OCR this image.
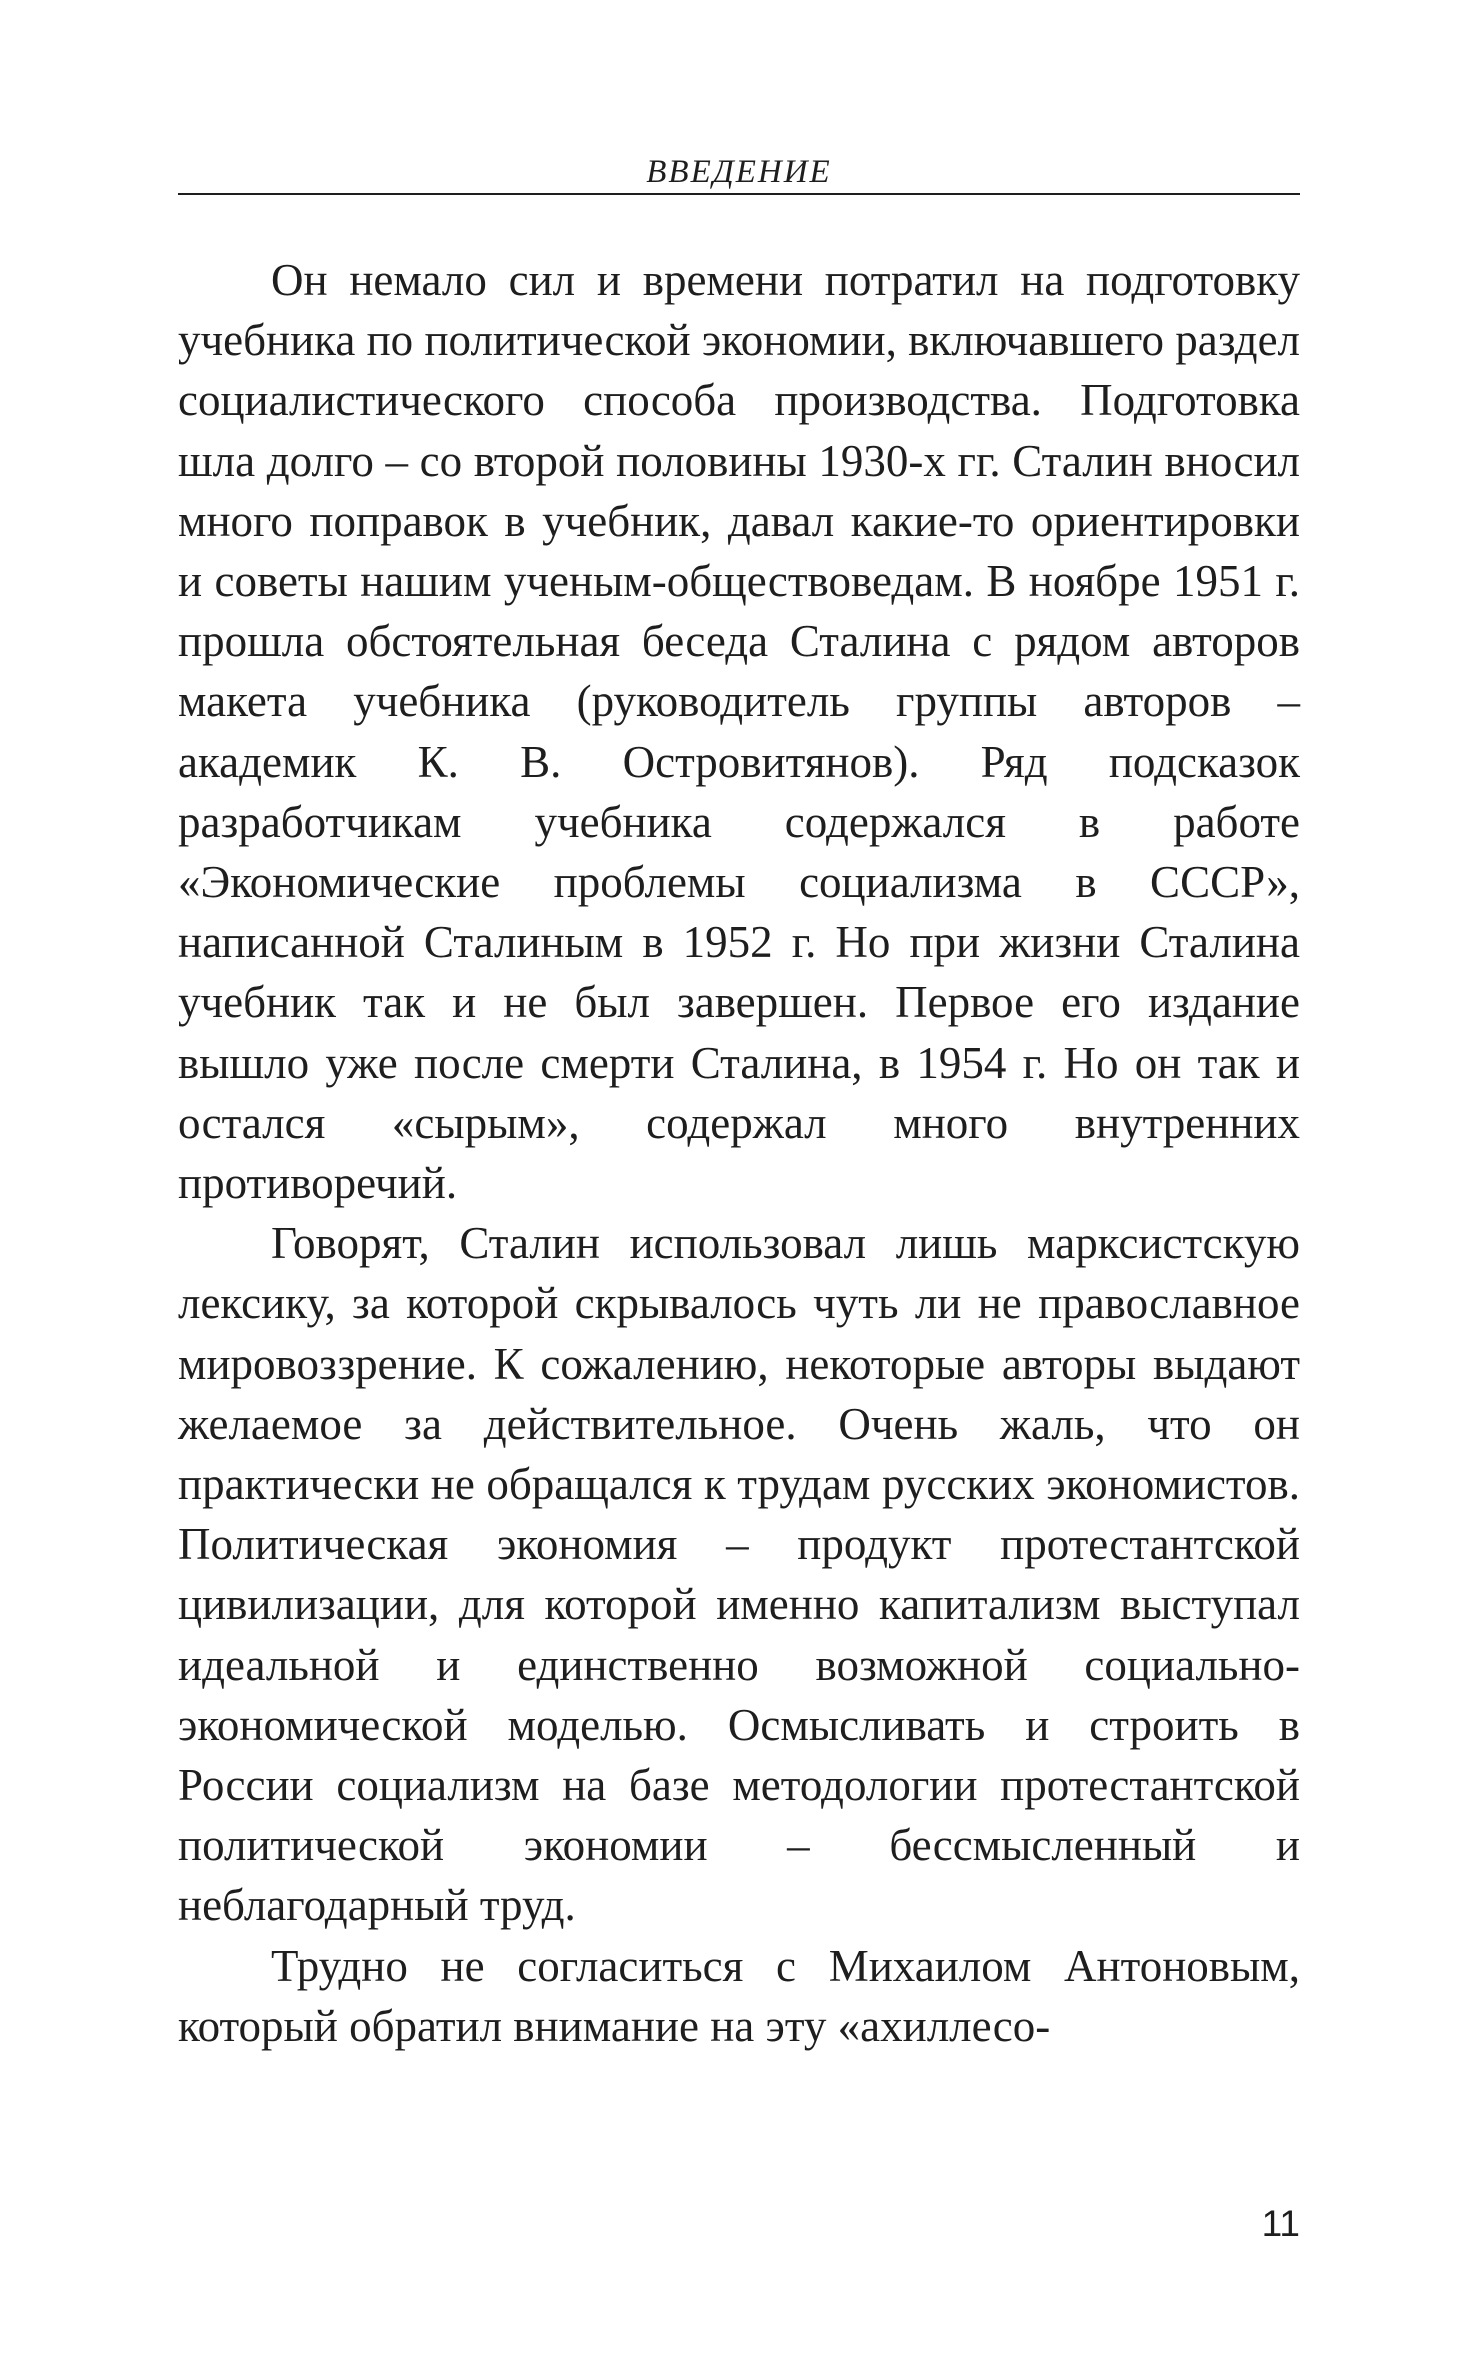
ВВЕДЕНИЕ

Он немало сил и времени потратил на подготовку учебника по политической экономии, включавшего раздел социалистического способа производства. Подготовка шла долго – со второй половины 1930-х гг. Сталин вносил много поправок в учебник, давал какие-то ориентировки и советы нашим ученым-обществоведам. В ноябре 1951 г. прошла обстоятельная беседа Сталина с рядом авторов макета учебника (руководитель группы авторов – академик К. В. Островитянов). Ряд подсказок разработчикам учебника содержался в работе «Экономические проблемы социализма в СССР», написанной Сталиным в 1952 г. Но при жизни Сталина учебник так и не был завершен. Первое его издание вышло уже после смерти Сталина, в 1954 г. Но он так и остался «сырым», содержал много внутренних противоречий.

Говорят, Сталин использовал лишь марксистскую лексику, за которой скрывалось чуть ли не православное мировоззрение. К сожалению, некоторые авторы выдают желаемое за действительное. Очень жаль, что он практически не обращался к трудам русских экономистов. Политическая экономия – продукт протестантской цивилизации, для которой именно капитализм выступал идеальной и единственно возможной социально-экономической моделью. Осмысливать и строить в России социализм на базе методологии протестантской политической экономии – бессмысленный и неблагодарный труд.

Трудно не согласиться с Михаилом Антоновым, который обратил внимание на эту «ахиллесо-

11
